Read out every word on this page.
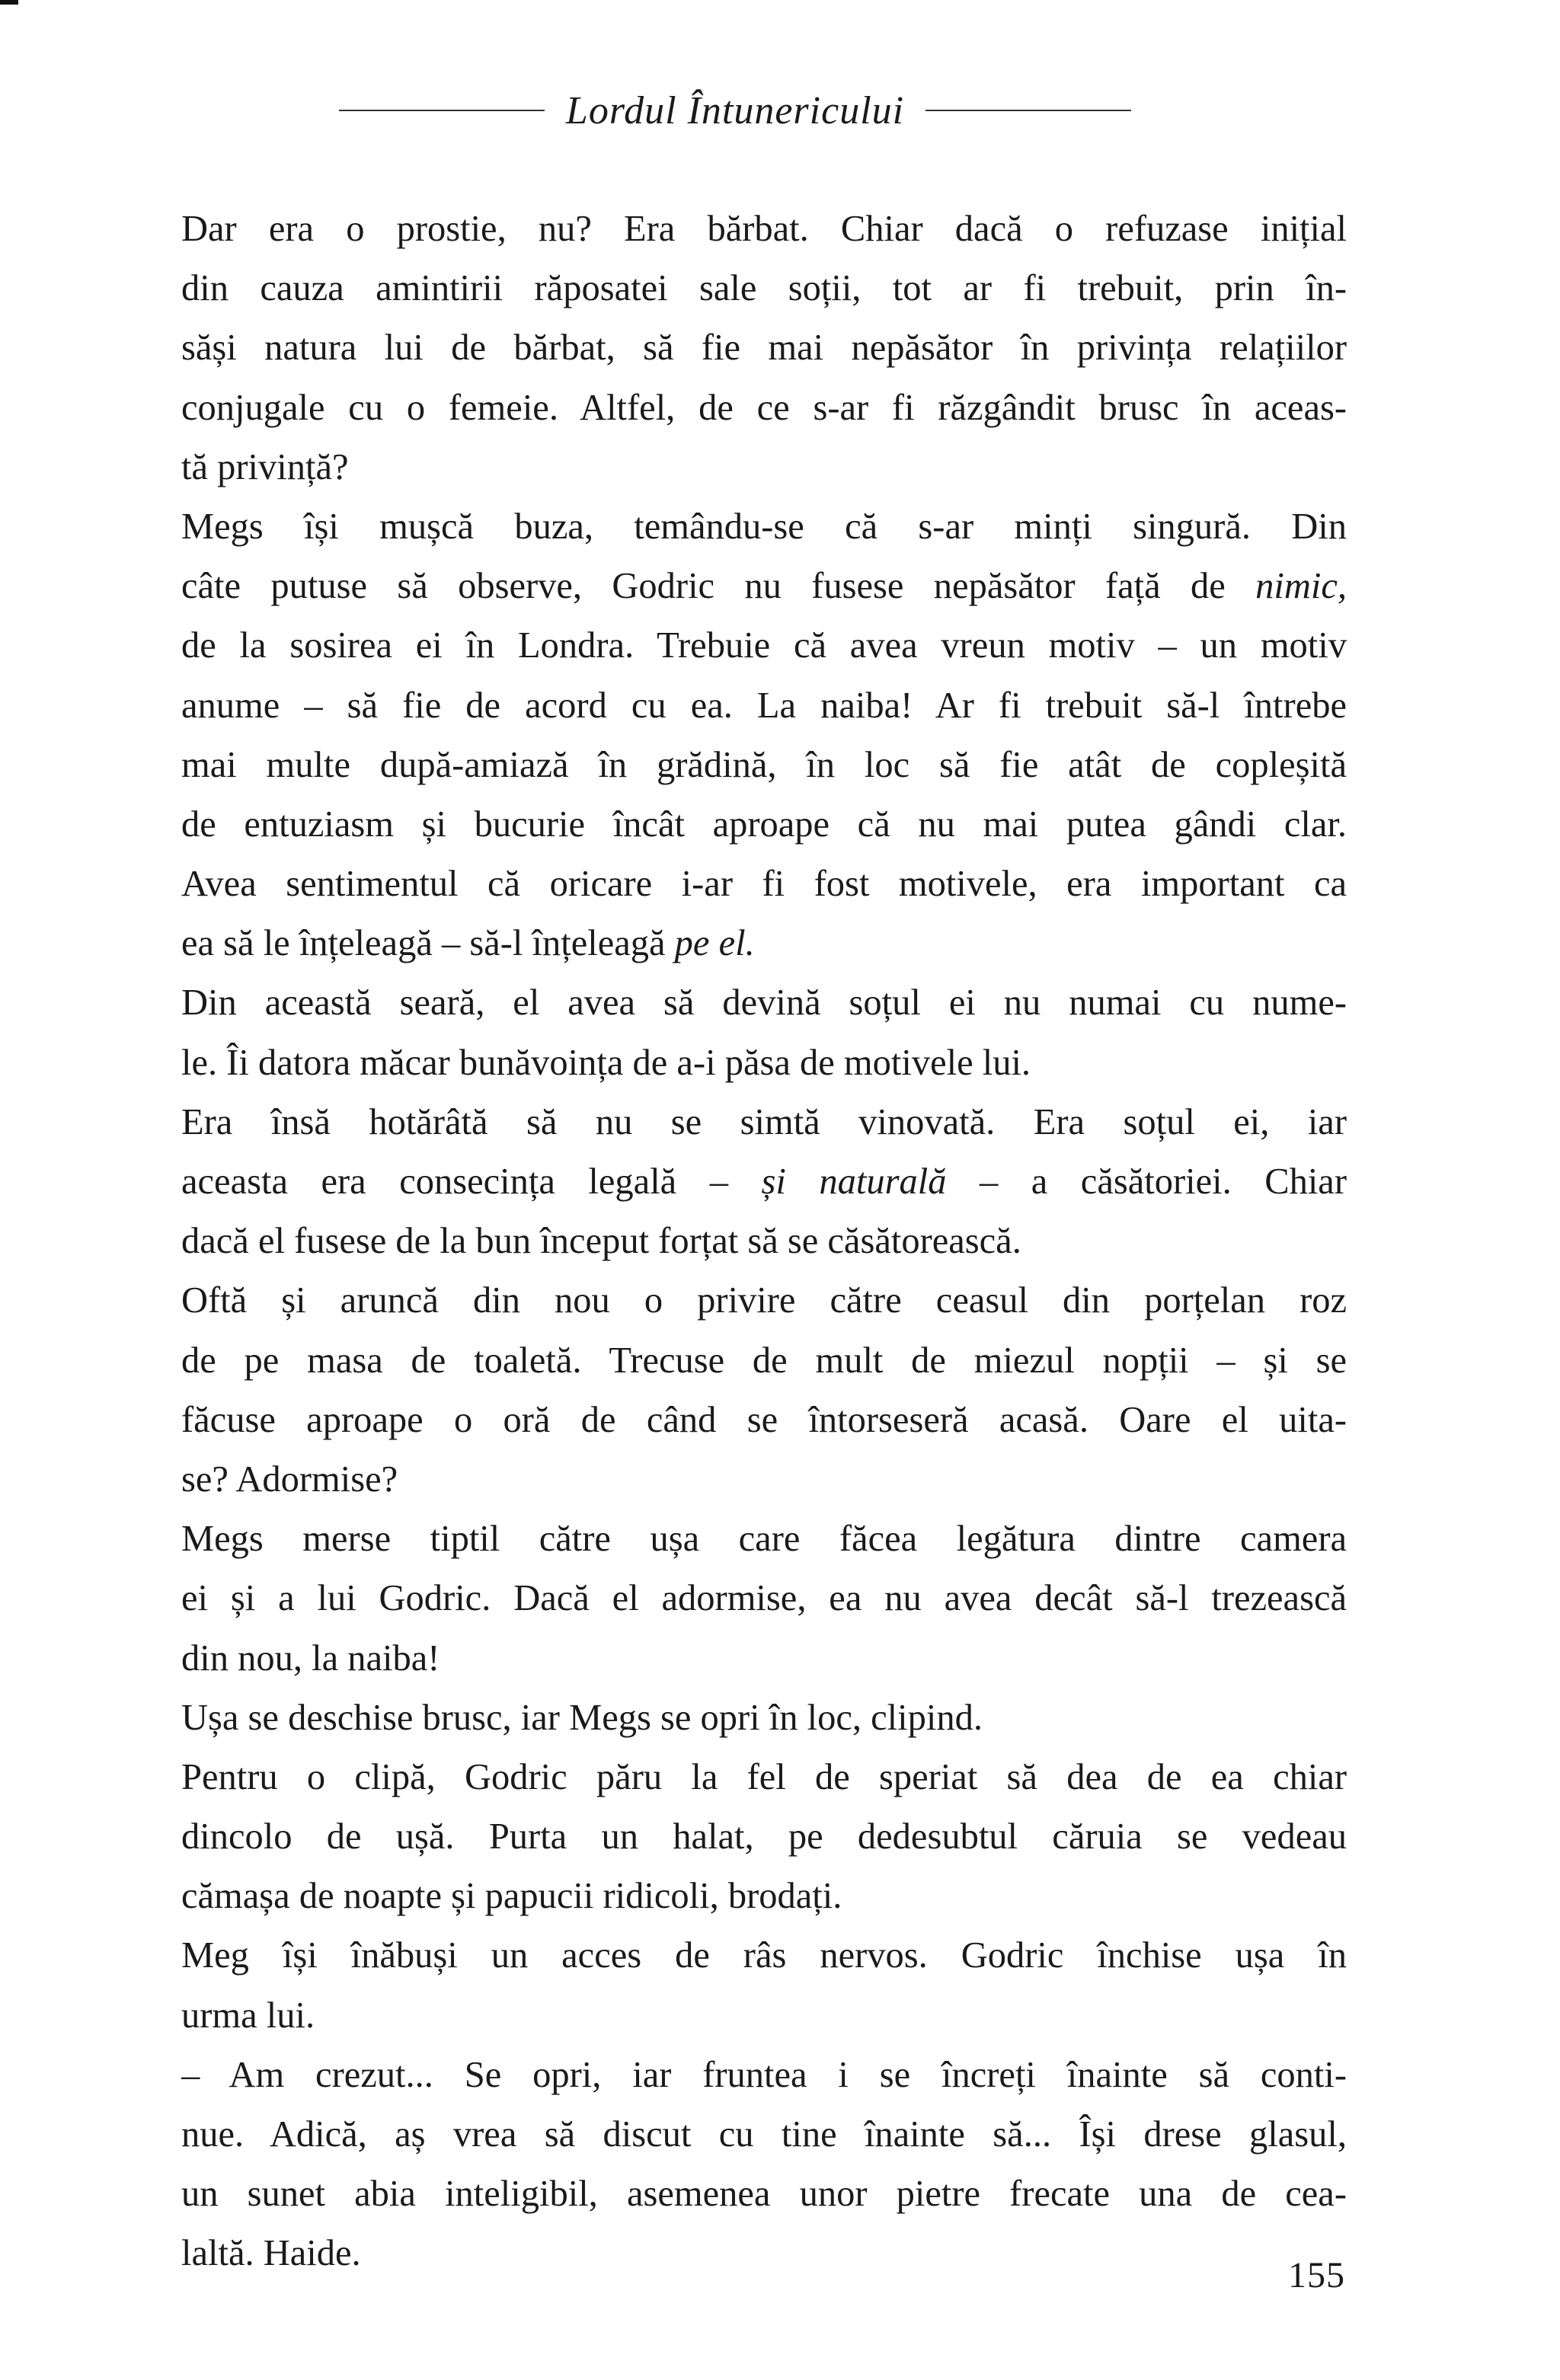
Lordul Întunericului
Dar era o prostie, nu? Era bărbat. Chiar dacă o refuzase inițial
din cauza amintirii răposatei sale soții, tot ar fi trebuit, prin în-
săși natura lui de bărbat, să fie mai nepăsător în privința relațiilor
conjugale cu o femeie. Altfel, de ce s-ar fi răzgândit brusc în aceas-
tă privință?
Megs își mușcă buza, temându-se că s-ar minți singură. Din
câte putuse să observe, Godric nu fusese nepăsător față de nimic,
de la sosirea ei în Londra. Trebuie că avea vreun motiv – un motiv
anume – să fie de acord cu ea. La naiba! Ar fi trebuit să-l întrebe
mai multe după-amiază în grădină, în loc să fie atât de copleșită
de entuziasm și bucurie încât aproape că nu mai putea gândi clar.
Avea sentimentul că oricare i-ar fi fost motivele, era important ca
ea să le înțeleagă – să-l înțeleagă pe el.
Din această seară, el avea să devină soțul ei nu numai cu nume-
le. Îi datora măcar bunăvoința de a-i păsa de motivele lui.
Era însă hotărâtă să nu se simtă vinovată. Era soțul ei, iar
aceasta era consecința legală – și naturală – a căsătoriei. Chiar
dacă el fusese de la bun început forțat să se căsătorească.
Oftă și aruncă din nou o privire către ceasul din porțelan roz
de pe masa de toaletă. Trecuse de mult de miezul nopții – și se
făcuse aproape o oră de când se întorseseră acasă. Oare el uita-
se? Adormise?
Megs merse tiptil către ușa care făcea legătura dintre camera
ei și a lui Godric. Dacă el adormise, ea nu avea decât să-l trezească
din nou, la naiba!
Ușa se deschise brusc, iar Megs se opri în loc, clipind.
Pentru o clipă, Godric păru la fel de speriat să dea de ea chiar
dincolo de ușă. Purta un halat, pe dedesubtul căruia se vedeau
cămașa de noapte și papucii ridicoli, brodați.
Meg își înăbuși un acces de râs nervos. Godric închise ușa în
urma lui.
– Am crezut... Se opri, iar fruntea i se încreți înainte să conti-
nue. Adică, aș vrea să discut cu tine înainte să... Își drese glasul,
un sunet abia inteligibil, asemenea unor pietre frecate una de cea-
laltă. Haide.
155
